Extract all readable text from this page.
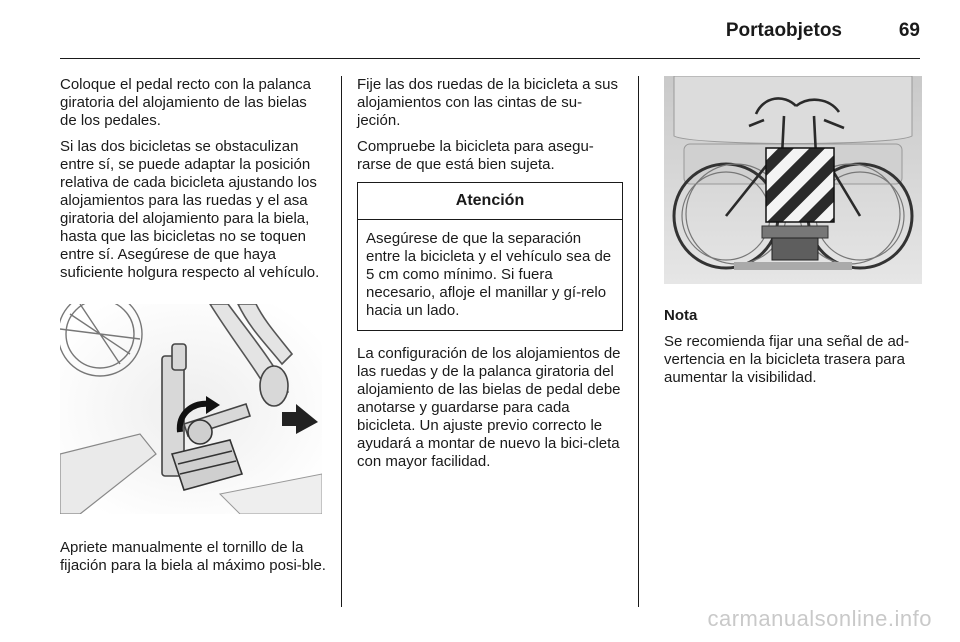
Portaobjetos	69

Coloque el pedal recto con la palanca giratoria del alojamiento de las bielas de los pedales.

Si las dos bicicletas se obstaculizan entre sí, se puede adaptar la posición relativa de cada bicicleta ajustando los alojamientos para las ruedas y el asa giratoria del alojamiento para la biela, hasta que las bicicletas no se toquen entre sí. Asegúrese de que haya suficiente holgura respecto al vehículo.

Apriete manualmente el tornillo de la fijación para la biela al máximo posi-ble.

Fije las dos ruedas de la bicicleta a sus alojamientos con las cintas de su-jeción.

Compruebe la bicicleta para asegu-rarse de que está bien sujeta.

Atención
Asegúrese de que la separación entre la bicicleta y el vehículo sea de 5 cm como mínimo. Si fuera necesario, afloje el manillar y gí-relo hacia un lado.

La configuración de los alojamientos de las ruedas y de la palanca giratoria del alojamiento de las bielas de pedal debe anotarse y guardarse para cada bicicleta. Un ajuste previo correcto le ayudará a montar de nuevo la bici-cleta con mayor facilidad.

Nota

Se recomienda fijar una señal de ad-vertencia en la bicicleta trasera para aumentar la visibilidad.

carmanualsonline.info
